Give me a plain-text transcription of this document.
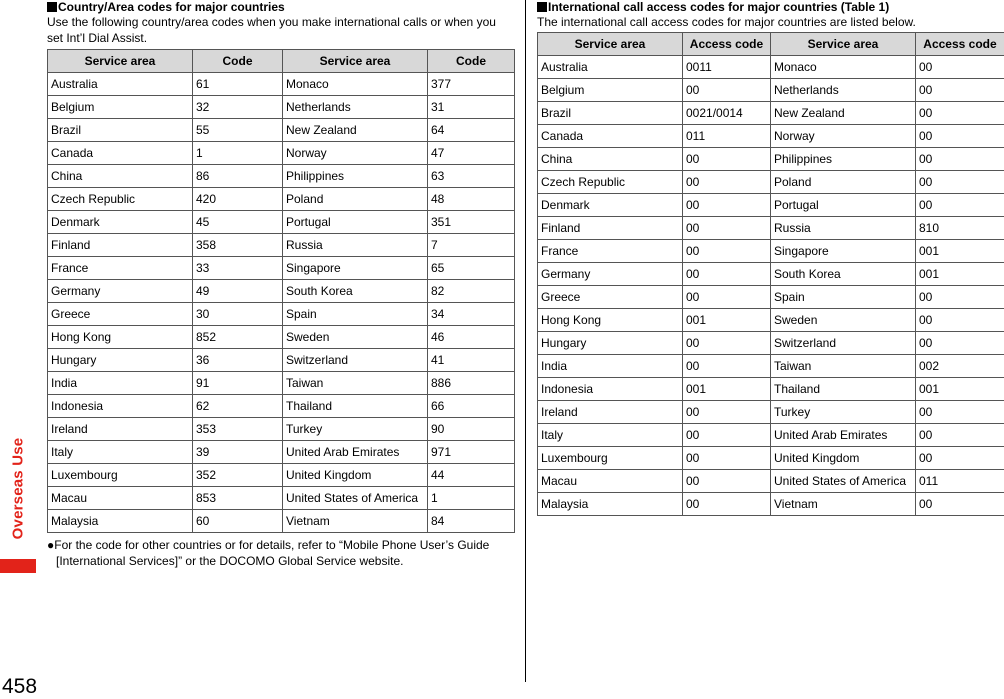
Overseas Use
458
Country/Area codes for major countries
Use the following country/area codes when you make international calls or when you set Int’l Dial Assist.
Service area	Code	Service area	Code
Australia	61	Monaco	377
Belgium	32	Netherlands	31
Brazil	55	New Zealand	64
Canada	1	Norway	47
China	86	Philippines	63
Czech Republic	420	Poland	48
Denmark	45	Portugal	351
Finland	358	Russia	7
France	33	Singapore	65
Germany	49	South Korea	82
Greece	30	Spain	34
Hong Kong	852	Sweden	46
Hungary	36	Switzerland	41
India	91	Taiwan	886
Indonesia	62	Thailand	66
Ireland	353	Turkey	90
Italy	39	United Arab Emirates	971
Luxembourg	352	United Kingdom	44
Macau	853	United States of America	1
Malaysia	60	Vietnam	84
●For the code for other countries or for details, refer to “Mobile Phone User’s Guide [International Services]” or the DOCOMO Global Service website.
International call access codes for major countries (Table 1)
The international call access codes for major countries are listed below.
Service area	Access code	Service area	Access code
Australia	0011	Monaco	00
Belgium	00	Netherlands	00
Brazil	0021/0014	New Zealand	00
Canada	011	Norway	00
China	00	Philippines	00
Czech Republic	00	Poland	00
Denmark	00	Portugal	00
Finland	00	Russia	810
France	00	Singapore	001
Germany	00	South Korea	001
Greece	00	Spain	00
Hong Kong	001	Sweden	00
Hungary	00	Switzerland	00
India	00	Taiwan	002
Indonesia	001	Thailand	001
Ireland	00	Turkey	00
Italy	00	United Arab Emirates	00
Luxembourg	00	United Kingdom	00
Macau	00	United States of America	011
Malaysia	00	Vietnam	00
